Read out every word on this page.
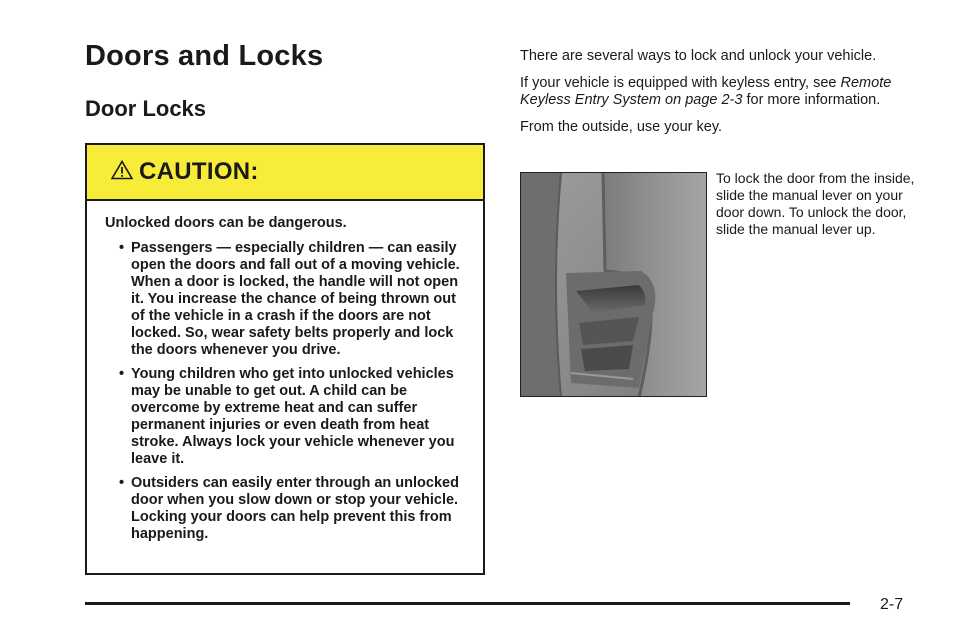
Doors and Locks
Door Locks
CAUTION:

Unlocked doors can be dangerous.

• Passengers — especially children — can easily open the doors and fall out of a moving vehicle. When a door is locked, the handle will not open it. You increase the chance of being thrown out of the vehicle in a crash if the doors are not locked. So, wear safety belts properly and lock the doors whenever you drive.
• Young children who get into unlocked vehicles may be unable to get out. A child can be overcome by extreme heat and can suffer permanent injuries or even death from heat stroke. Always lock your vehicle whenever you leave it.
• Outsiders can easily enter through an unlocked door when you slow down or stop your vehicle. Locking your doors can help prevent this from happening.

There are several ways to lock and unlock your vehicle.

If your vehicle is equipped with keyless entry, see Remote Keyless Entry System on page 2-3 for more information.

From the outside, use your key.

To lock the door from the inside, slide the manual lever on your door down. To unlock the door, slide the manual lever up.

2-7
